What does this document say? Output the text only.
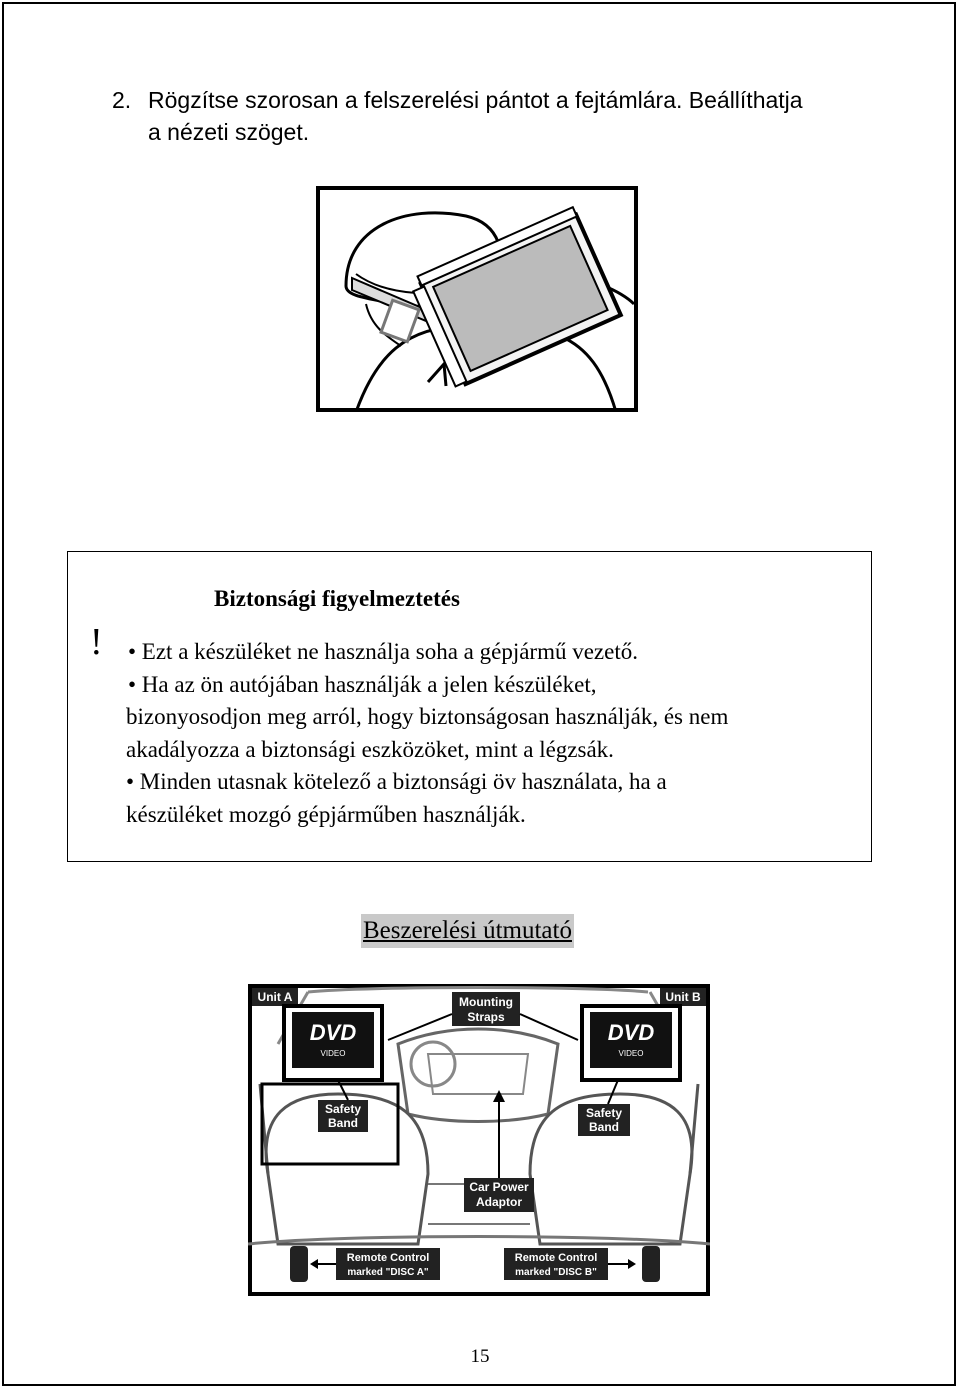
2. Rögzítse szorosan a felszerelési pántot a fejtámlára. Beállíthatja
a nézeti szöget.
Biztonsági figyelmeztetés
! • Ezt a készüléket ne használja soha a gépjármű vezető.
• Ha az ön autójában használják a jelen készüléket,
bizonyosodjon meg arról, hogy biztonságosan használják, és nem
akadályozza a biztonsági eszközöket, mint a légzsák.
• Minden utasnak kötelező a biztonsági öv használata, ha a
készüléket mozgó gépjárműben használják.
Beszerelési útmutató
Unit A	Unit B
DVD
VIDEO
DVD
VIDEO
Mounting
Straps
Safety
Band
Safety
Band
Car Power
Adaptor
Remote Control
marked "DISC A"
Remote Control
marked "DISC B"
15
